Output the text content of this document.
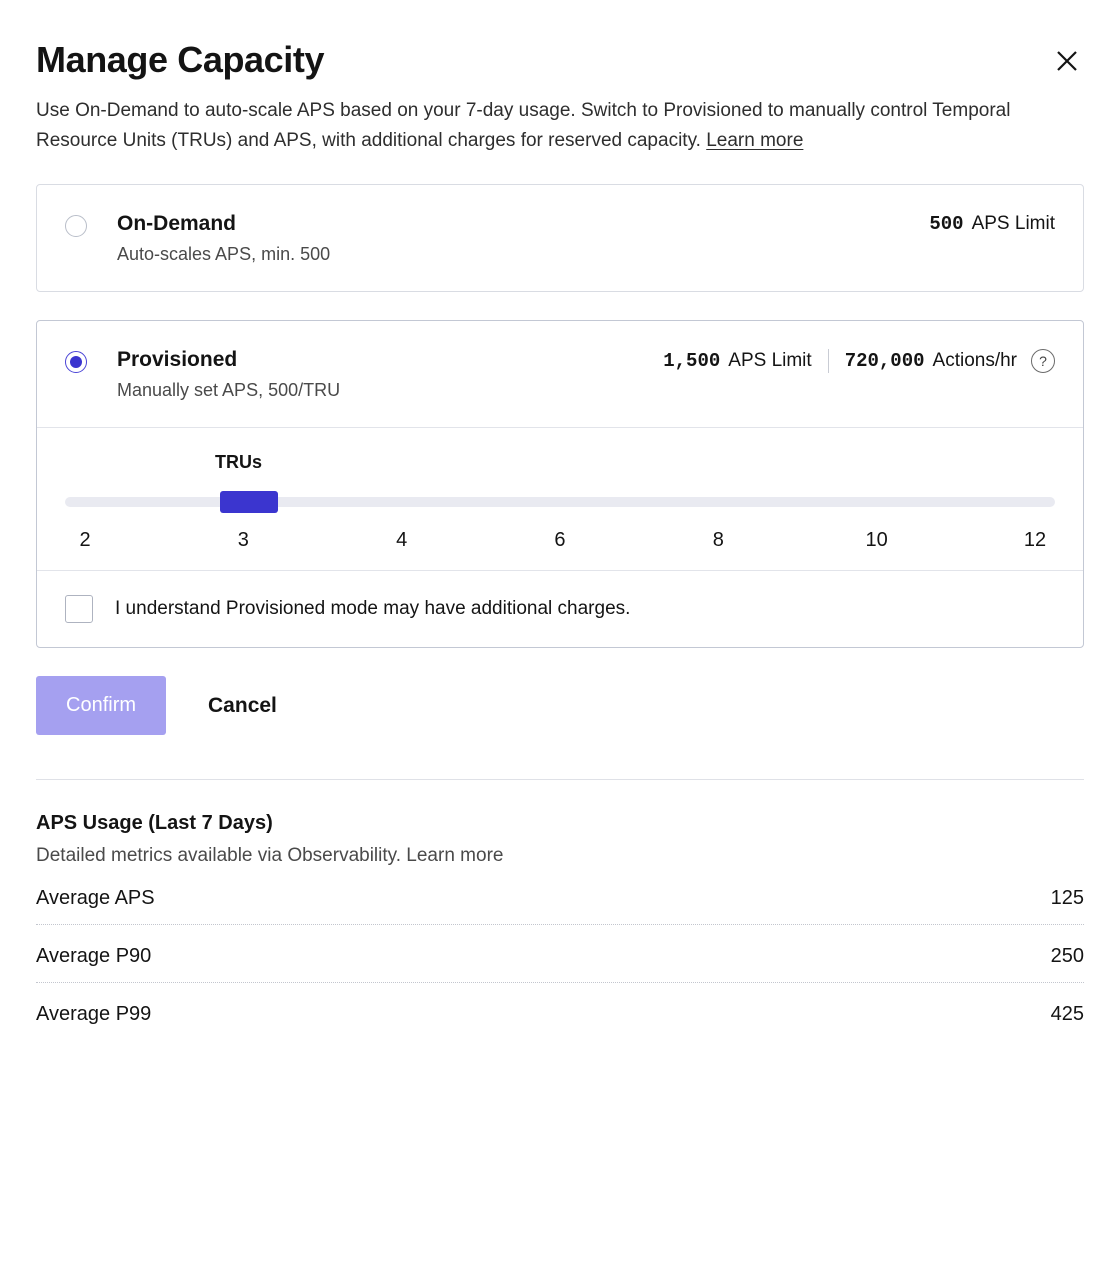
Manage Capacity
Use On-Demand to auto-scale APS based on your 7-day usage. Switch to Provisioned to manually control Temporal Resource Units (TRUs) and APS, with additional charges for reserved capacity. Learn more
On-Demand
Auto-scales APS, min. 500
500 APS Limit
Provisioned
Manually set APS, 500/TRU
1,500 APS Limit 720,000 Actions/hr	?
TRUs
2	3	4	6	8	10	12
I understand Provisioned mode may have additional charges.
Confirm	Cancel
APS Usage (Last 7 Days)
Detailed metrics available via Observability. Learn more
Average APS	125
Average P90	250
Average P99	425
